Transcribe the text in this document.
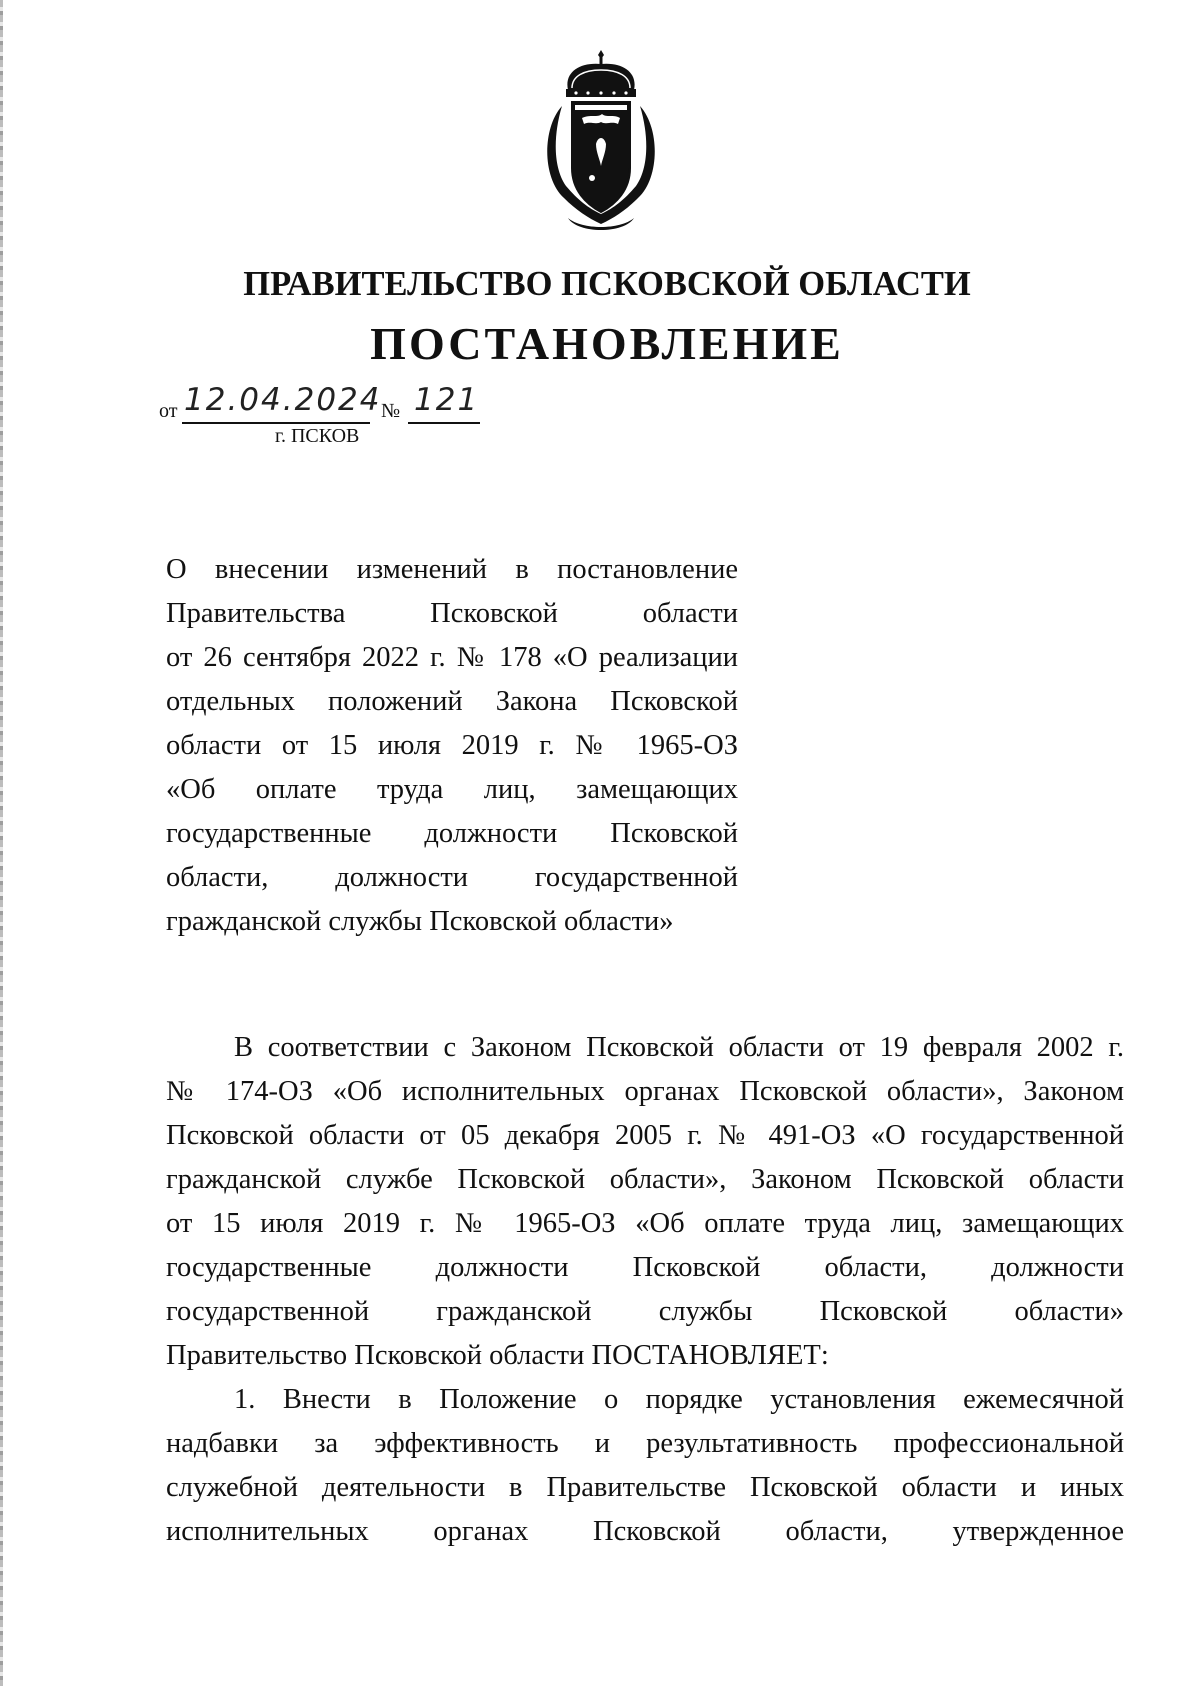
ПРАВИТЕЛЬСТВО ПСКОВСКОЙ ОБЛАСТИ
ПОСТАНОВЛЕНИЕ
от 12.04.2024 № 121
г. ПСКОВ
О внесении изменений в постановление
Правительства Псковской области
от 26 сентября 2022 г. № 178 «О реализации
отдельных положений Закона Псковской
области от 15 июля 2019 г. № 1965-ОЗ
«Об оплате труда лиц, замещающих
государственные должности Псковской
области, должности государственной
гражданской службы Псковской области»
В соответствии с Законом Псковской области от 19 февраля 2002 г.
№ 174-ОЗ «Об исполнительных органах Псковской области», Законом
Псковской области от 05 декабря 2005 г. № 491-ОЗ «О государственной
гражданской службе Псковской области», Законом Псковской области
от 15 июля 2019 г. № 1965-ОЗ «Об оплате труда лиц, замещающих
государственные должности Псковской области, должности
государственной гражданской службы Псковской области»
Правительство Псковской области ПОСТАНОВЛЯЕТ:
1. Внести в Положение о порядке установления ежемесячной
надбавки за эффективность и результативность профессиональной
служебной деятельности в Правительстве Псковской области и иных
исполнительных органах Псковской области, утвержденное
